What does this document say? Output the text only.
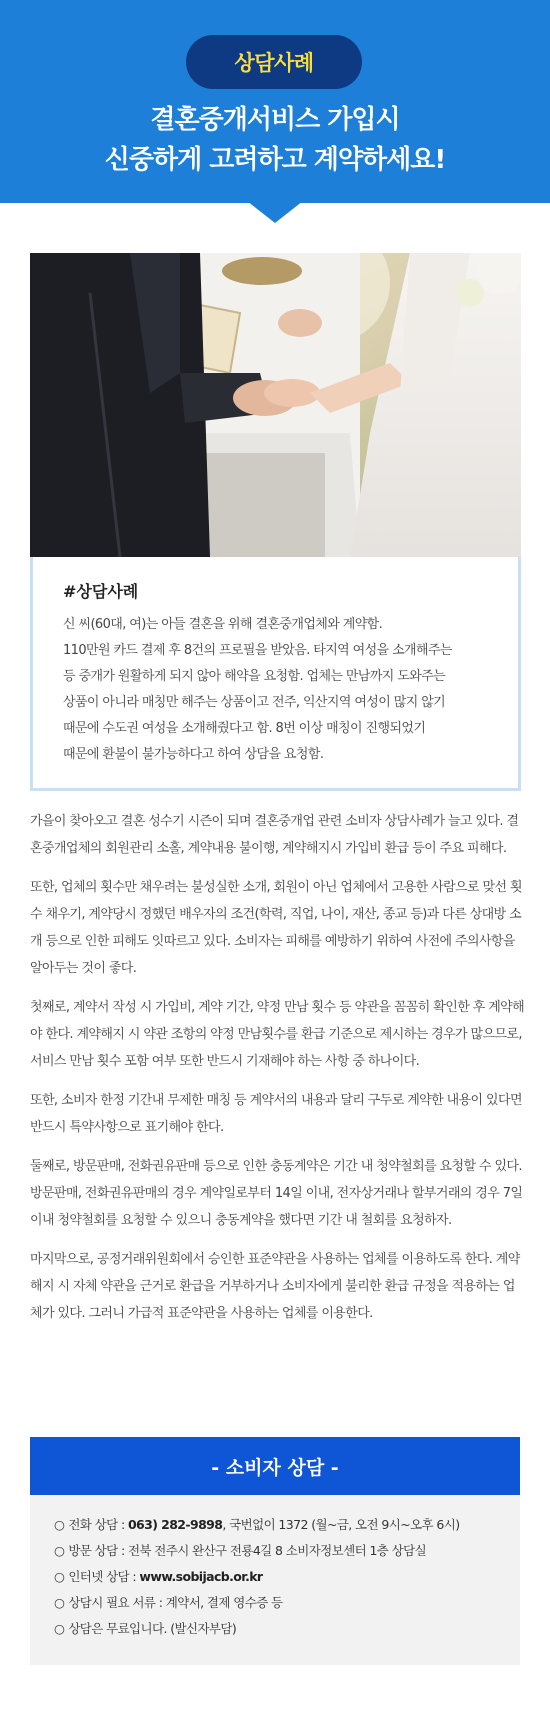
상담사례
결혼중개서비스 가입시
신중하게 고려하고 계약하세요!
#상담사례
신 씨(60대, 여)는 아들 결혼을 위해 결혼중개업체와 계약함.
110만원 카드 결제 후 8건의 프로필을 받았음. 타지역 여성을 소개해주는
등 중개가 원활하게 되지 않아 해약을 요청함. 업체는 만남까지 도와주는
상품이 아니라 매칭만 해주는 상품이고 전주, 익산지역 여성이 많지 않기
때문에 수도권 여성을 소개해줬다고 함. 8번 이상 매칭이 진행되었기
때문에 환불이 불가능하다고 하여 상담을 요청함.

가을이 찾아오고 결혼 성수기 시즌이 되며 결혼중개업 관련 소비자 상담사례가 늘고 있다. 결혼중개업체의 회원관리 소홀, 계약내용 불이행, 계약해지시 가입비 환급 등이 주요 피해다.

또한, 업체의 횟수만 채우려는 불성실한 소개, 회원이 아닌 업체에서 고용한 사람으로 맞선 횟수 채우기, 계약당시 정했던 배우자의 조건(학력, 직업, 나이, 재산, 종교 등)과 다른 상대방 소개 등으로 인한 피해도 잇따르고 있다. 소비자는 피해를 예방하기 위하여 사전에 주의사항을 알아두는 것이 좋다.

첫째로, 계약서 작성 시 가입비, 계약 기간, 약정 만남 횟수 등 약관을 꼼꼼히 확인한 후 계약해야 한다. 계약해지 시 약관 조항의 약정 만남횟수를 환급 기준으로 제시하는 경우가 많으므로, 서비스 만남 횟수 포함 여부 또한 반드시 기재해야 하는 사항 중 하나이다.

또한, 소비자 한정 기간내 무제한 매칭 등 계약서의 내용과 달리 구두로 계약한 내용이 있다면 반드시 특약사항으로 표기해야 한다.

둘째로, 방문판매, 전화권유판매 등으로 인한 충동계약은 기간 내 청약철회를 요청할 수 있다. 방문판매, 전화권유판매의 경우 계약일로부터 14일 이내, 전자상거래나 할부거래의 경우 7일 이내 청약철회를 요청할 수 있으니 충동계약을 했다면 기간 내 철회를 요청하자.

마지막으로, 공정거래위원회에서 승인한 표준약관을 사용하는 업체를 이용하도록 한다. 계약 해지 시 자체 약관을 근거로 환급을 거부하거나 소비자에게 불리한 환급 규정을 적용하는 업체가 있다. 그러니 가급적 표준약관을 사용하는 업체를 이용한다.

- 소비자 상담 -
○ 전화 상담 : 063) 282-9898, 국번없이 1372 (월~금, 오전 9시~오후 6시)
○ 방문 상담 : 전북 전주시 완산구 전룡4길 8 소비자정보센터 1층 상담실
○ 인터넷 상담 : www.sobijacb.or.kr
○ 상담시 필요 서류 : 계약서, 결제 영수증 등
○ 상담은 무료입니다. (발신자부담)
